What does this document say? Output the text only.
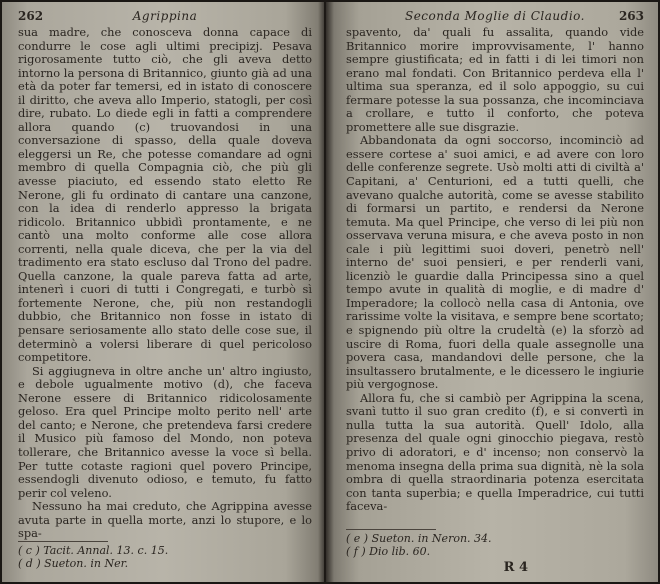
262	Agrippina

sua madre, che conosceva donna capace di condurre le cose agli ultimi precipizj. Pesava rigorosamente tutto ciò, che gli aveva detto intorno la persona di Britannico, giunto già ad una età da poter far temersi, ed in istato di conoscere il diritto, che aveva allo Imperio, statogli, per così dire, rubato. Lo diede egli in fatti a comprendere allora quando (c) truovandosi in una conversazione di spasso, della quale doveva eleggersi un Re, che potesse comandare ad ogni membro di quella Compagnia ciò, che più gli avesse piaciuto, ed essendo stato eletto Re Nerone, gli fu ordinato di cantare una canzone, con la idea di renderlo appresso la brigata ridicolo. Britannico ubbidì prontamente, e ne cantò una molto conforme alle cose allora correnti, nella quale diceva, che per la via del tradimento era stato escluso dal Trono del padre. Quella canzone, la quale pareva fatta ad arte, intenerì i cuori di tutti i Congregati, e turbò sì fortemente Nerone, che, più non restandogli dubbio, che Britannico non fosse in istato di pensare seriosamente allo stato delle cose sue, il determinò a volersi liberare di quel pericoloso competitore.

Si aggiugneva in oltre anche un' altro ingiusto, e debole ugualmente motivo (d), che faceva Nerone essere di Britannico ridicolosamente geloso. Era quel Principe molto perito nell' arte del canto; e Nerone, che pretendeva farsi credere il Musico più famoso del Mondo, non poteva tollerare, che Britannico avesse la voce sì bella. Per tutte cotaste ragioni quel povero Principe, essendogli divenuto odioso, e temuto, fu fatto perir col veleno.

Nessuno ha mai creduto, che Agrippina avesse avuta parte in quella morte, anzi lo stupore, e lo spa-

( c ) Tacit. Annal. 13. c. 15.
( d ) Sueton. in Ner.
Seconda Moglie di Claudio.	263

spavento, da' quali fu assalita, quando vide Britannico morire improvvisamente, l' hanno sempre giustificata; ed in fatti i di lei timori non erano mal fondati. Con Britannico perdeva ella l' ultima sua speranza, ed il solo appoggio, su cui fermare potesse la sua possanza, che incominciava a crollare, e tutto il conforto, che poteva promettere alle sue disgrazie.

Abbandonata da ogni soccorso, incominciò ad essere cortese a' suoi amici, e ad avere con loro delle conferenze segrete. Usò molti atti di civiltà a' Capitani, a' Centurioni, ed a tutti quelli, che avevano qualche autorità, come se avesse stabilito di formarsi un partito, e rendersi da Nerone temuta. Ma quel Principe, che verso di lei più non osservava veruna misura, e che aveva posto in non cale i più legittimi suoi doveri, penetrò nell' interno de' suoi pensieri, e per renderli vani, licenziò le guardie dalla Principessa sino a quel tempo avute in qualità di moglie, e di madre d' Imperadore; la collocò nella casa di Antonia, ove rarissime volte la visitava, e sempre bene scortato; e spignendo più oltre la crudeltà (e) la sforzò ad uscire di Roma, fuori della quale assegnolle una povera casa, mandandovi delle persone, che la insultassero brutalmente, e le dicessero le ingiurie più vergognose.

Allora fu, che si cambiò per Agrippina la scena, svanì tutto il suo gran credito (f), e si convertì in nulla tutta la sua autorità. Quell' Idolo, alla presenza del quale ogni ginocchio piegava, restò privo di adoratori, e d' incenso; non conservò la menoma insegna della prima sua dignità, nè la sola ombra di quella straordinaria potenza esercitata con tanta superbia; e quella Imperadrice, cui tutti faceva-

( e ) Sueton. in Neron. 34.
( f ) Dio lib. 60.
R 4
